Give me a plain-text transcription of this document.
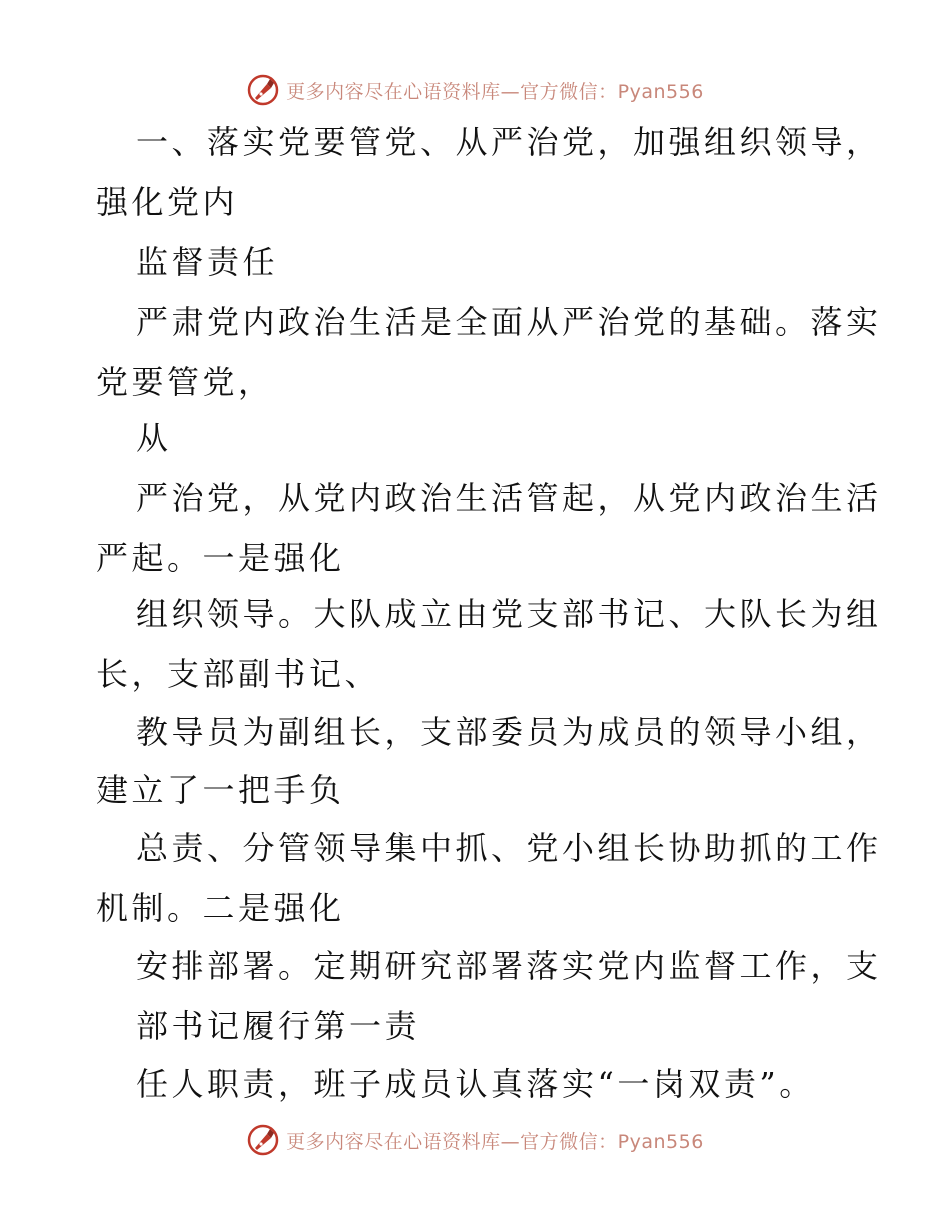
更多内容尽在心语资料库—官方微信：Pyan556
一、落实党要管党、从严治党，加强组织领导，
强化党内
监督责任
严肃党内政治生活是全面从严治党的基础。落实
党要管党，
从
严治党，从党内政治生活管起，从党内政治生活
严起。一是强化
组织领导。大队成立由党支部书记、大队长为组
长，支部副书记、
教导员为副组长，支部委员为成员的领导小组，
建立了一把手负
总责、分管领导集中抓、党小组长协助抓的工作
机制。二是强化
安排部署。定期研究部署落实党内监督工作，支
部书记履行第一责
任人职责，班子成员认真落实“一岗双责”。
更多内容尽在心语资料库—官方微信：Pyan556
